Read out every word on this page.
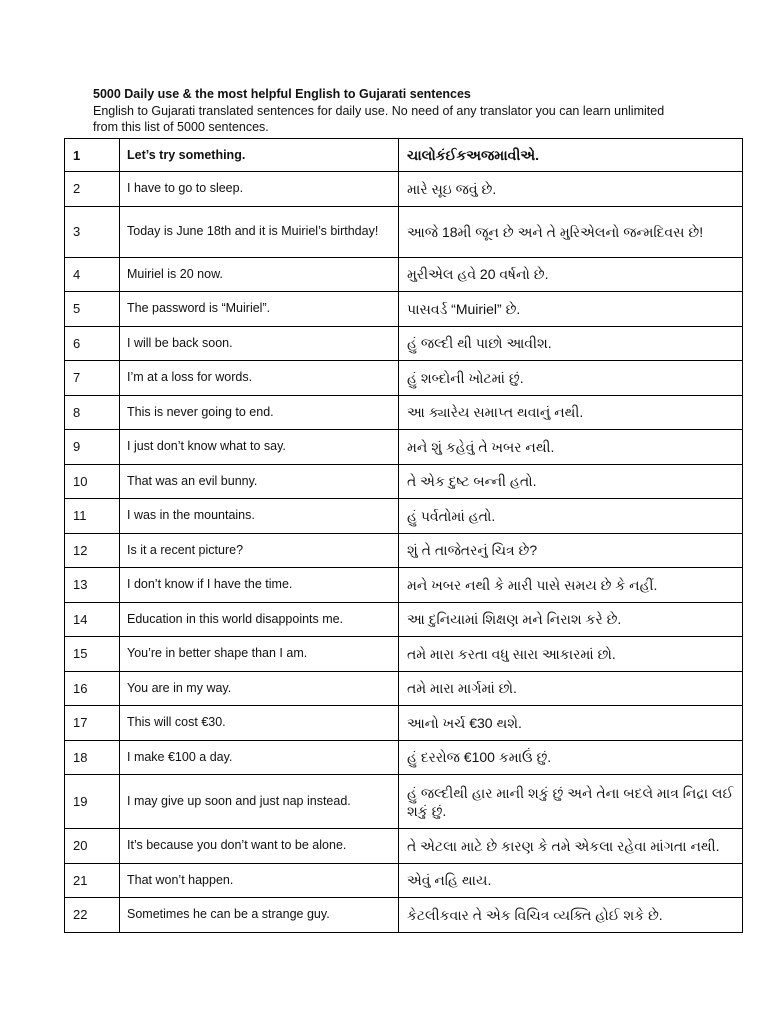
5000 Daily use & the most helpful English to Gujarati sentences

English to Gujarati translated sentences for daily use. No need of any translator you can learn unlimited from this list of 5000 sentences.

1	Let’s try something.	ચાલોકંઈકઅજમાવીએ.
2	I have to go to sleep.	મારે સૂઇ જવું છે.
3	Today is June 18th and it is Muiriel’s birthday!	આજે 18મી જૂન છે અને તે મુરિએલનો જન્મદિવસ છે!
4	Muiriel is 20 now.	મુરીએલ હવે 20 વર્ષનો છે.
5	The password is “Muiriel”.	પાસવર્ડ “Muiriel” છે.
6	I will be back soon.	હું જલ્દી થી પાછો આવીશ.
7	I’m at a loss for words.	હું શબ્દોની ખોટમાં છું.
8	This is never going to end.	આ ક્યારેય સમાપ્ત થવાનું નથી.
9	I just don’t know what to say.	મને શું કહેવું તે ખબર નથી.
10	That was an evil bunny.	તે એક દુષ્ટ બન્ની હતો.
11	I was in the mountains.	હું પર્વતોમાં હતો.
12	Is it a recent picture?	શું તે તાજેતરનું ચિત્ર છે?
13	I don’t know if I have the time.	મને ખબર નથી કે મારી પાસે સમય છે કે નહીં.
14	Education in this world disappoints me.	આ દુનિયામાં શિક્ષણ મને નિરાશ કરે છે.
15	You’re in better shape than I am.	તમે મારા કરતા વધુ સારા આકારમાં છો.
16	You are in my way.	તમે મારા માર્ગમાં છો.
17	This will cost €30.	આનો ખર્ચ €30 થશે.
18	I make €100 a day.	હું દરરોજ €100 કમાઉં છું.
19	I may give up soon and just nap instead.	હું જલ્દીથી હાર માની શકું છું અને તેના બદલે માત્ર નિદ્રા લઈ શકું છું.
20	It’s because you don’t want to be alone.	તે એટલા માટે છે કારણ કે તમે એકલા રહેવા માંગતા નથી.
21	That won’t happen.	એવું નહિ થાય.
22	Sometimes he can be a strange guy.	કેટલીકવાર તે એક વિચિત્ર વ્યક્તિ હોઈ શકે છે.
